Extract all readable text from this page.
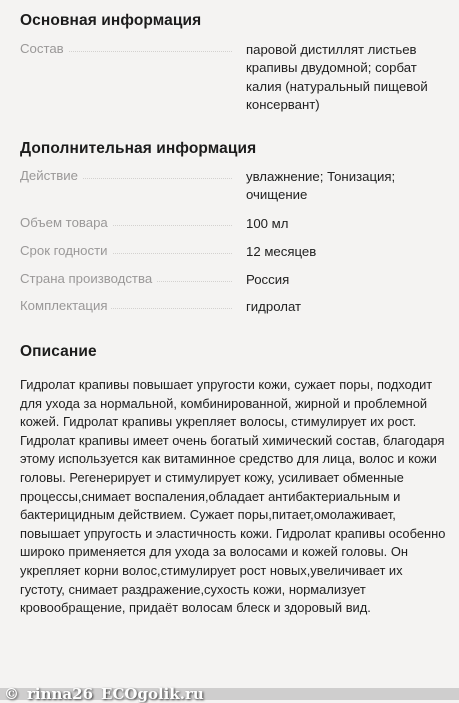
Основная информация
Состав	паровой дистиллят листьев крапивы двудомной; сорбат калия (натуральный пищевой консервант)
Дополнительная информация
Действие	увлажнение; Тонизация; очищение
Объем товара	100 мл
Срок годности	12 месяцев
Страна производства	Россия
Комплектация	гидролат
Описание
Гидролат крапивы повышает упругости кожи, сужает поры, подходит для ухода за нормальной, комбинированной, жирной и проблемной кожей. Гидролат крапивы укрепляет волосы, стимулирует их рост.
Гидролат крапивы имеет очень богатый химический состав, благодаря этому используется как витаминное средство для лица, волос и кожи головы. Регенерирует и стимулирует кожу, усиливает обменные процессы,снимает воспаления,обладает антибактериальным и бактерицидным действием. Сужает поры,питает,омолаживает, повышает упругость и эластичность кожи. Гидролат крапивы особенно широко применяется для ухода за волосами и кожей головы. Он укрепляет корни волос,стимулирует рост новых,увеличивает их густоту, снимает раздражение,сухость кожи, нормализует кровообращение, придаёт волосам блеск и здоровый вид.
© rinna26 ECOgolik.ru
